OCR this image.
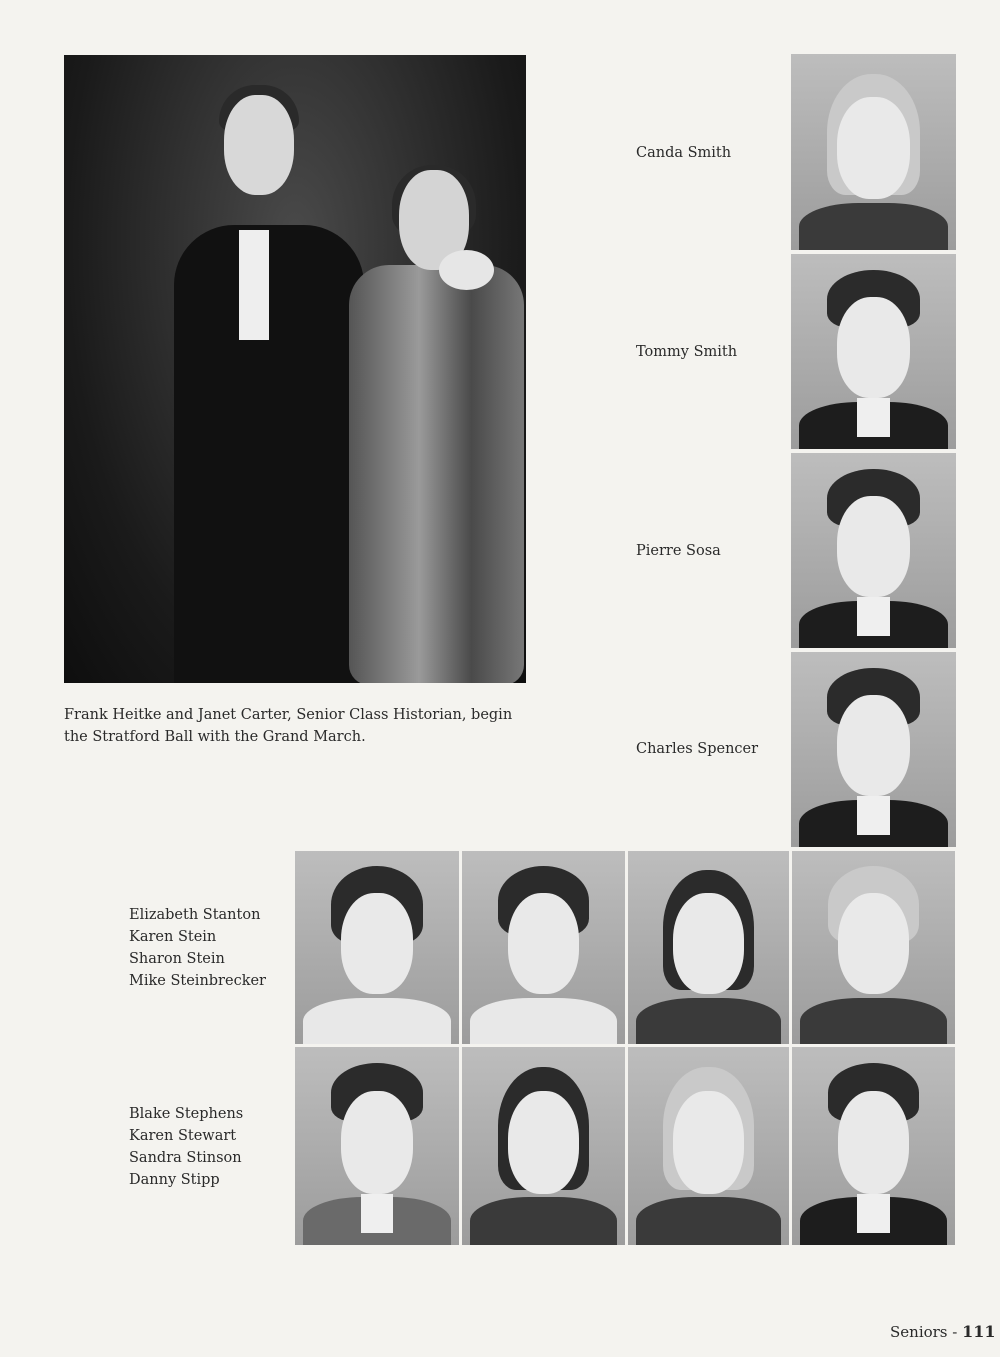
Frank Heitke and Janet Carter, Senior Class Historian, begin the Stratford Ball with the Grand March.
Canda Smith
Tommy Smith
Pierre Sosa
Charles Spencer
Elizabeth Stanton
Karen Stein
Sharon Stein
Mike Steinbrecker
Blake Stephens
Karen Stewart
Sandra Stinson
Danny Stipp
Seniors - 111
